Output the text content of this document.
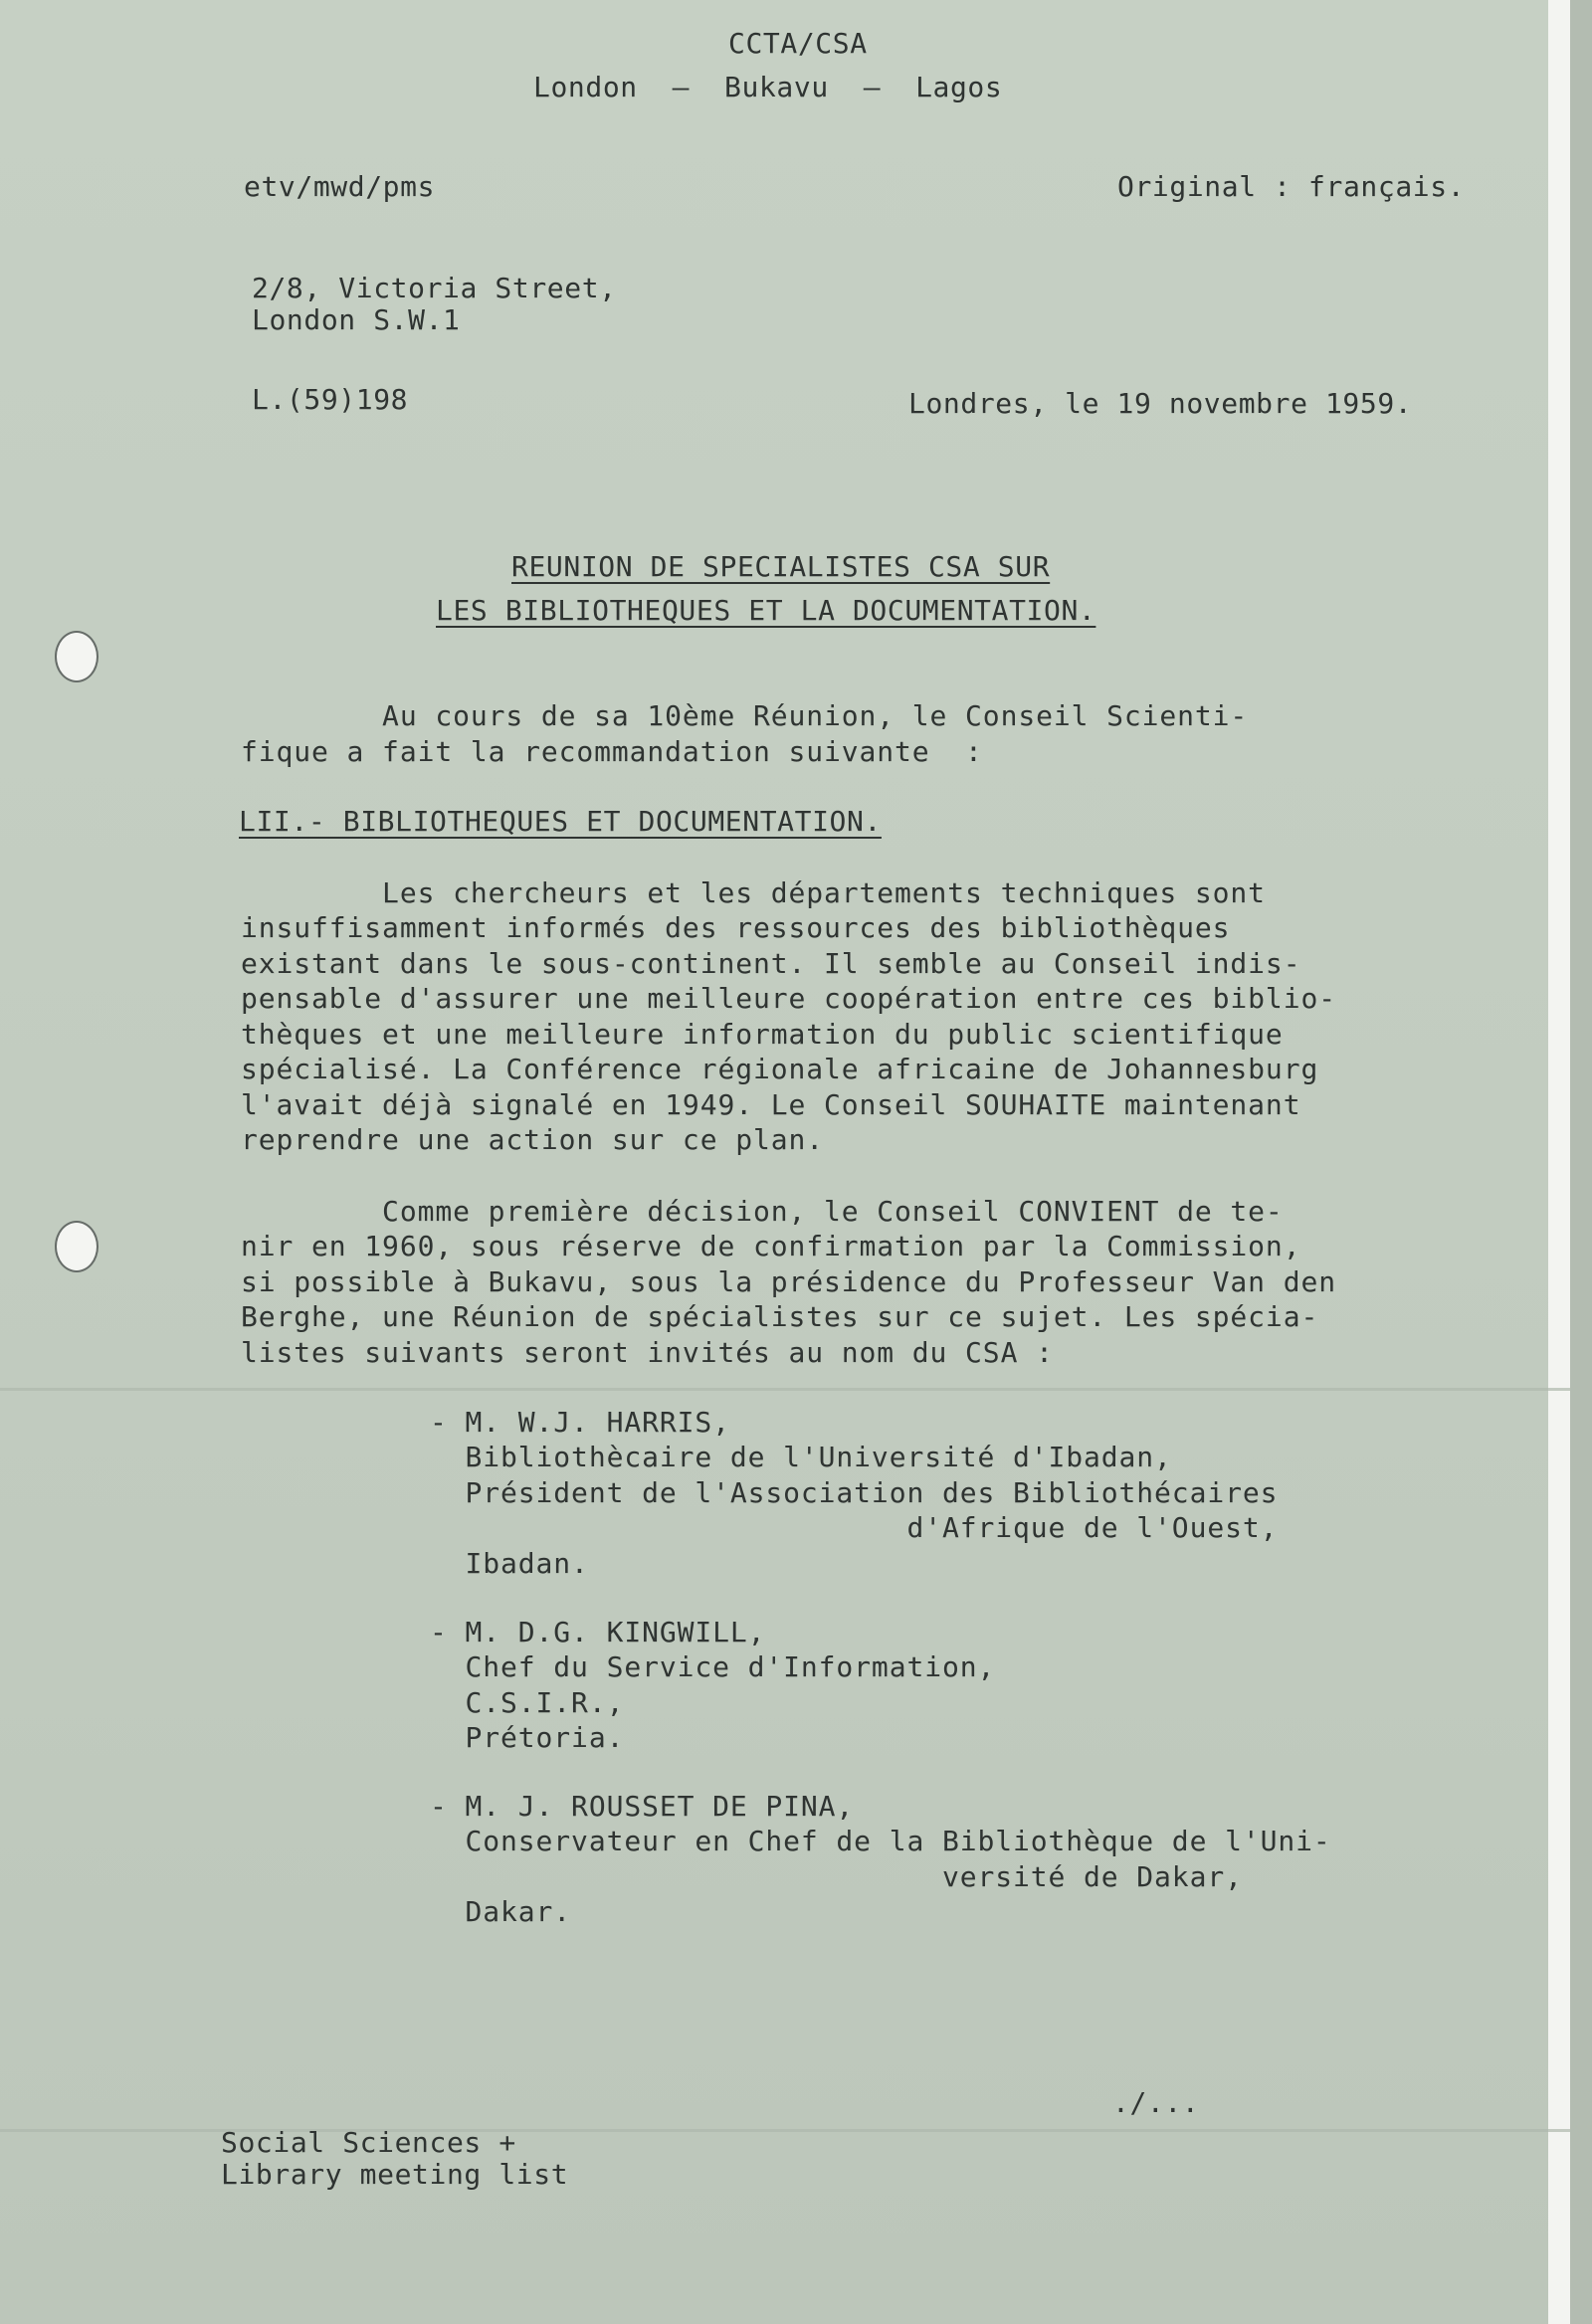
CCTA/CSA
London  –  Bukavu  –  Lagos
etv/mwd/pms	Original : français.
2/8, Victoria Street,
London S.W.1
L.(59)198	Londres, le 19 novembre 1959.
REUNION DE SPECIALISTES CSA SUR
LES BIBLIOTHEQUES ET LA DOCUMENTATION.
Au cours de sa 10ème Réunion, le Conseil Scienti-
fique a fait la recommandation suivante  :
LII.- BIBLIOTHEQUES ET DOCUMENTATION.
Les chercheurs et les départements techniques sont
insuffisamment informés des ressources des bibliothèques
existant dans le sous-continent. Il semble au Conseil indis-
pensable d'assurer une meilleure coopération entre ces biblio-
thèques et une meilleure information du public scientifique
spécialisé. La Conférence régionale africaine de Johannesburg
l'avait déjà signalé en 1949. Le Conseil SOUHAITE maintenant
reprendre une action sur ce plan.
Comme première décision, le Conseil CONVIENT de te-
nir en 1960, sous réserve de confirmation par la Commission,
si possible à Bukavu, sous la présidence du Professeur Van den
Berghe, une Réunion de spécialistes sur ce sujet. Les spécia-
listes suivants seront invités au nom du CSA :
- M. W.J. HARRIS,
Bibliothècaire de l'Université d'Ibadan,
Président de l'Association des Bibliothécaires
d'Afrique de l'Ouest,
Ibadan.
- M. D.G. KINGWILL,
Chef du Service d'Information,
C.S.I.R.,
Prétoria.
- M. J. ROUSSET DE PINA,
Conservateur en Chef de la Bibliothèque de l'Uni-
versité de Dakar,
Dakar.
./...
Social Sciences +
Library meeting list
